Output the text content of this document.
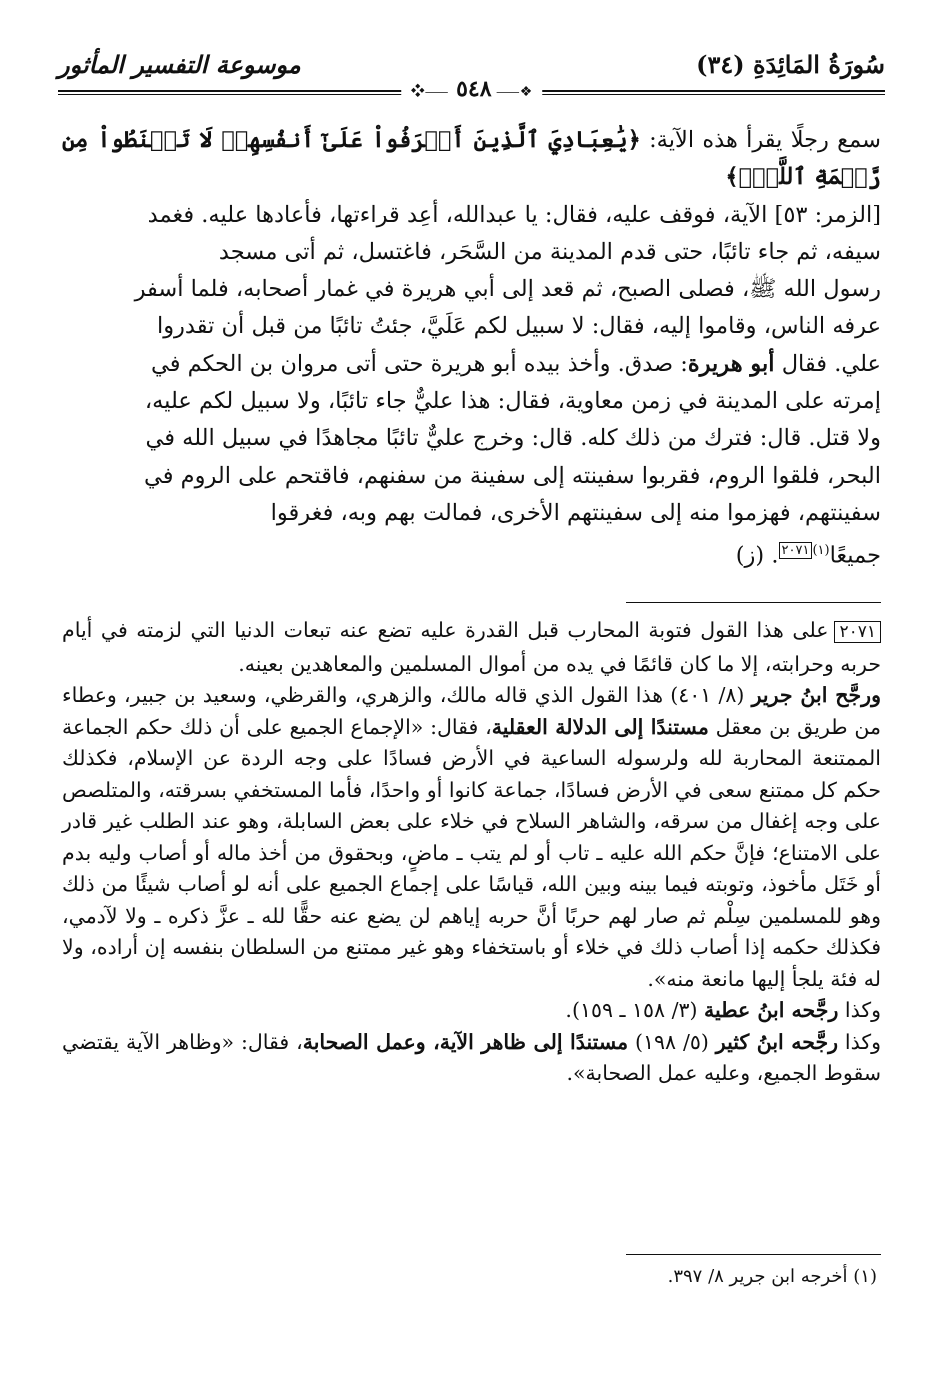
سُورَةُ المَائِدَةِ (٣٤)
موسوعة التفسير المأثور
❖⸺ ٥٤٨ ⸺❖

سمع رجلًا يقرأ هذه الآية: ﴿يَٰعِبَادِيَ ٱلَّذِينَ أَسۡرَفُواْ عَلَىٰٓ أَنفُسِهِمۡ لَا تَقۡنَطُواْ مِن رَّحۡمَةِ ٱللَّهِۚ﴾

[الزمر: ٥٣] الآية، فوقف عليه، فقال: يا عبدالله، أعِد قراءتها، فأعادها عليه. فغمد

سيفه، ثم جاء تائبًا، حتى قدم المدينة من السَّحَر، فاغتسل، ثم أتى مسجد

رسول الله ﷺ، فصلى الصبح، ثم قعد إلى أبي هريرة في غمار أصحابه، فلما أسفر

عرفه الناس، وقاموا إليه، فقال: لا سبيل لكم عَلَيَّ، جئتُ تائبًا من قبل أن تقدروا

علي. فقال أبو هريرة: صدق. وأخذ بيده أبو هريرة حتى أتى مروان بن الحكم في

إمرته على المدينة في زمن معاوية، فقال: هذا عليٌّ جاء تائبًا، ولا سبيل لكم عليه،

ولا قتل. قال: فترك من ذلك كله. قال: وخرج عليٌّ تائبًا مجاهدًا في سبيل الله في

البحر، فلقوا الروم، فقربوا سفينته إلى سفينة من سفنهم، فاقتحم على الروم في

سفينتهم، فهزموا منه إلى سفينتهم الأخرى، فمالت بهم وبه، فغرقوا

جميعًا$^{(١)٢٠٧١}$. (ز)

٢٠٧١على هذا القول فتوبة المحارب قبل القدرة عليه تضع عنه تبعات الدنيا التي لزمته في أيام حربه وحرابته، إلا ما كان قائمًا في يده من أموال المسلمين والمعاهدين بعينه.

ورجَّح ابنُ جرير (٨/ ٤٠١) هذا القول الذي قاله مالك، والزهري، والقرظي، وسعيد بن جبير، وعطاء من طريق بن معقل مستندًا إلى الدلالة العقلية، فقال: «الإجماع الجميع على أن ذلك حكم الجماعة الممتنعة المحاربة لله ولرسوله الساعية في الأرض فسادًا على وجه الردة عن الإسلام، فكذلك حكم كل ممتنع سعى في الأرض فسادًا، جماعة كانوا أو واحدًا، فأما المستخفي بسرقته، والمتلصص على وجه إغفال من سرقه، والشاهر السلاح في خلاء على بعض السابلة، وهو عند الطلب غير قادر على الامتناع؛ فإنَّ حكم الله عليه ـ تاب أو لم يتب ـ ماضٍ، وبحقوق من أخذ ماله أو أصاب وليه بدم أو خَتَل مأخوذ، وتوبته فيما بينه وبين الله، قياسًا على إجماع الجميع على أنه لو أصاب شيئًا من ذلك وهو للمسلمين سِلْم ثم صار لهم حربًا أنَّ حربه إياهم لن يضع عنه حقًّا لله ـ عزَّ ذكره ـ ولا لآدمي، فكذلك حكمه إذا أصاب ذلك في خلاء أو باستخفاء وهو غير ممتنع من السلطان بنفسه إن أراده، ولا له فئة يلجأ إليها مانعة منه».

وكذا رجَّحه ابنُ عطية (٣/ ١٥٨ ـ ١٥٩).

وكذا رجَّحه ابنُ كثير (٥/ ١٩٨) مستندًا إلى ظاهر الآية، وعمل الصحابة، فقال: «وظاهر الآية يقتضي سقوط الجميع، وعليه عمل الصحابة».

(١) أخرجه ابن جرير ٨/ ٣٩٧.
